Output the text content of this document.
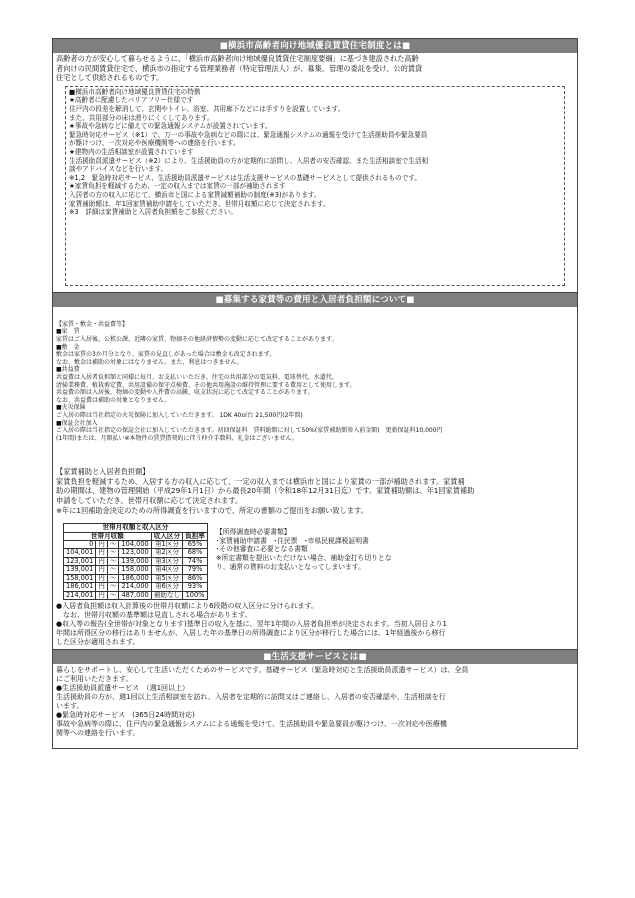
■横浜市高齢者向け地域優良賃貸住宅制度とは■

高齢者の方が安心して暮らせるように、「横浜市高齢者向け地域優良賃貸住宅制度要綱」に基づき建設された高齢

者向けの民間賃貸住宅で、横浜市の指定する管理業務者（特定管理法人）が、募集、管理の委託を受け、公的賃貸

住宅として供給されるものです。

■横浜市高齢者向け地域優良賃貸住宅の特徴
★高齢者に配慮したバリアフリー仕様です
住戸内の段差を解消して、玄関やトイレ、浴室、共用廊下などには手すりを設置しています。
また、共用部分の床は滑りにくくしてあります。
★事故や急病などに備えての緊急通報システムが設置されています。
緊急時対応サービス（※1）で、万一の事故や急病などの際には、緊急通報システムの通報を受けて生活援助員や緊急要員
が駆けつけ、一次対応や医療機関等への連絡を行います。
★建物内の生活相談室が設置されています
生活援助員派遣サービス（※2）により、生活援助員の方が定期的に訪問し、入居者の安否確認、また生活相談室で生活相
談やアドバイスなどを行います。
※1,2　緊急時対応サービス、生活援助員派遣サービスは生活支援サービスの基礎サービスとして提供されるものです。
★家賃負担を軽減するため、一定の収入までは家賃の一部が補助されます
入居者の方の収入に応じて、横浜市と国による家賃減額補助の制度(※3)があります。
家賃補助額は、年1回家賃補助申請をしていただき、世帯月収額に応じて決定されます。
※3　詳細は家賃補助と入居者負担額をご参照ください。
■募集する家賃等の費用と入居者負担額について■
【家賃・敷金・共益費等】
■家　賃
家賃はご入居後、公租公課、近隣の家賃、物価その他経済情勢の変動に応じて改定することがあります。
■敷　金
敷金は家賃の3か月分となり、家賃の見直しがあった場合は敷金も改定されます。
なお、敷金は補助の対象にはなりません。また、利息はつきません。
■共益費
共益費は入居者負担額と同様に毎月、お支払いいただき、住宅の共用部分の電気料、電球替代、水道代、
清掃業務費、植栽剪定費、共用設備の保守点検費、その他共用施設の維持管理に要する費用として使用します。
共益費の額は入居後、物価の変動や人件費の高騰、収支状況に応じて改定することがあります。
なお、共益費は補助の対象となりません。
■火災保険
ご入居の際は当社指定の火災保険に加入していただきます。 1DK 40㎡台 21,500円(2年間)
■保証会社加入
ご入居の際は当社指定の保証会社に加入していただきます。初回保証料　賃料総額に対して50%(家賃補助額参入前金額)　更新保証料10,000円
(1年間)または、月額払い※本物件の賃貸借契約に伴う仲介手数料、礼金はございません。

【家賃補助と入居者負担額】

家賃負担を軽減するため、入居する方の収入に応じて、一定の収入までは横浜市と国により家賃の一部が補助されます。家賃補

助の期間は、建物の管理開始（平成29年1月1日）から最長20年間（令和18年12月31日迄）です。家賃補助額は、年1回家賃補助

申請をしていただき、世帯月収額に応じて決定されます。

※年に1回補助金決定のための所得調査を行いますので、所定の書類のご提出をお願い致します。

世帯月収額と収入区分					
世帯月収額				収入区分	負担率
0	円	～	104,000	第1区分	65%
104,001	円	～	123,000	第2区分	68%
123,001	円	～	139,000	第3区分	74%
139,001	円	～	158,000	第4区分	79%
158,001	円	～	186,000	第5区分	86%
186,001	円	～	214,000	第6区分	93%
214,001	円	～	487,000	補助なし	100%
【所得調査時必要書類】
･家賃補助申請書　･住民票　･市県民税課税証明書
･その他審査に必要となる書類
※所定書類を提出いただけない場合、補助金打ち切りとな
り、通常の賃料のお支払いとなってしまいます。
●入居者負担額は収入計算後の世帯月収額により6段階の収入区分に分けられます。
　なお、世帯月収額の基準額は見直しされる場合があります。
●収入等の報告(全世帯が対象となります)基準日の収入を基に、翌年1年間の入居者負担率が決定されます。当初入居日より1
年間は所得区分の移行はありませんが、入居した年の基準日の所得調査により区分が移行した場合には、1年経過後から移行
した区分が適用されます。
■生活支援サービスとは■
暮らしをサポートし、安心して生活いただくためのサービスです。基礎サービス（緊急時対応と生活援助員派遣サービス）は、全員
にご利用いただきます。
●生活援助員派遣サービス　（週1回以上）
生活援助員の方が、週1回以上生活相談室を訪れ、入居者を定期的に訪問又はご連絡し、入居者の安否確認や、生活相談を行
います。
●緊急時対応サービス　(365日24時間対応)
事故や急病等の際に、住戸内の緊急通報システムによる通報を受けて、生活援助員や緊急要員が駆けつけ、一次対応や医療機
関等への連絡を行います。
